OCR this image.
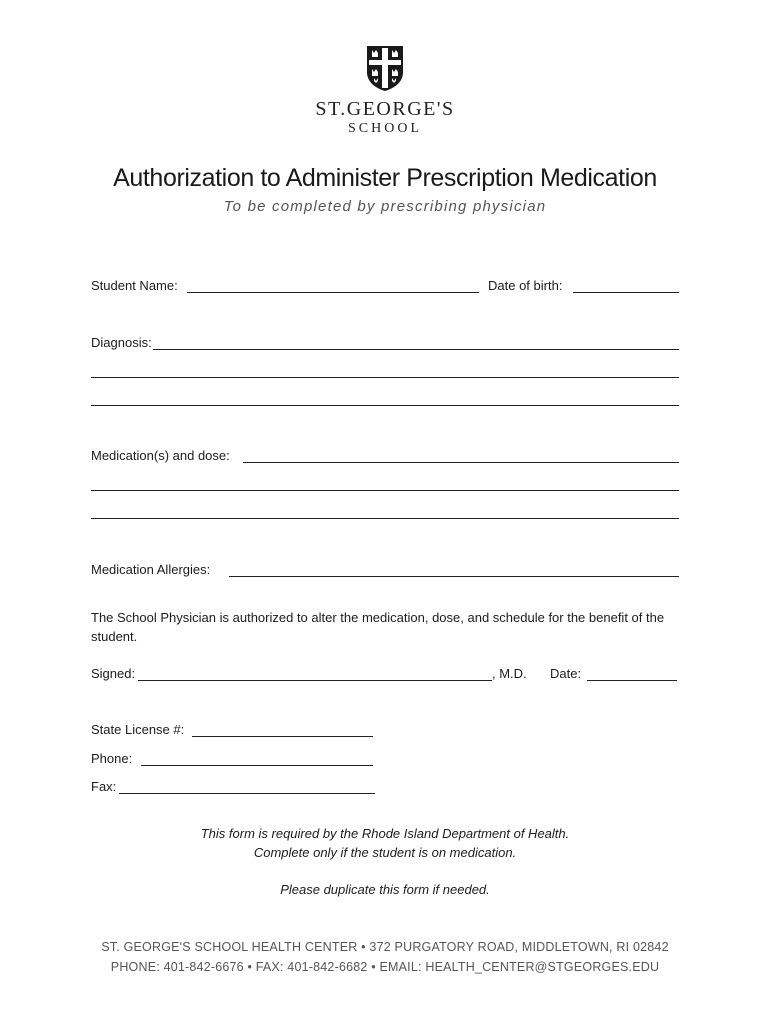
ST.GEORGE'S
SCHOOL
Authorization to Administer Prescription Medication
To be completed by prescribing physician
Student Name:	Date of birth:
Diagnosis:
Medication(s) and dose:
Medication Allergies:
The School Physician is authorized to alter the medication, dose, and schedule for the benefit of the student.
Signed:	, M.D. Date:
State License #:
Phone:
Fax:
This form is required by the Rhode Island Department of Health.
Complete only if the student is on medication.
Please duplicate this form if needed.
ST. GEORGE'S SCHOOL HEALTH CENTER • 372 PURGATORY ROAD, MIDDLETOWN, RI 02842
PHONE: 401-842-6676 • FAX: 401-842-6682 • EMAIL: HEALTH_CENTER@STGEORGES.EDU
